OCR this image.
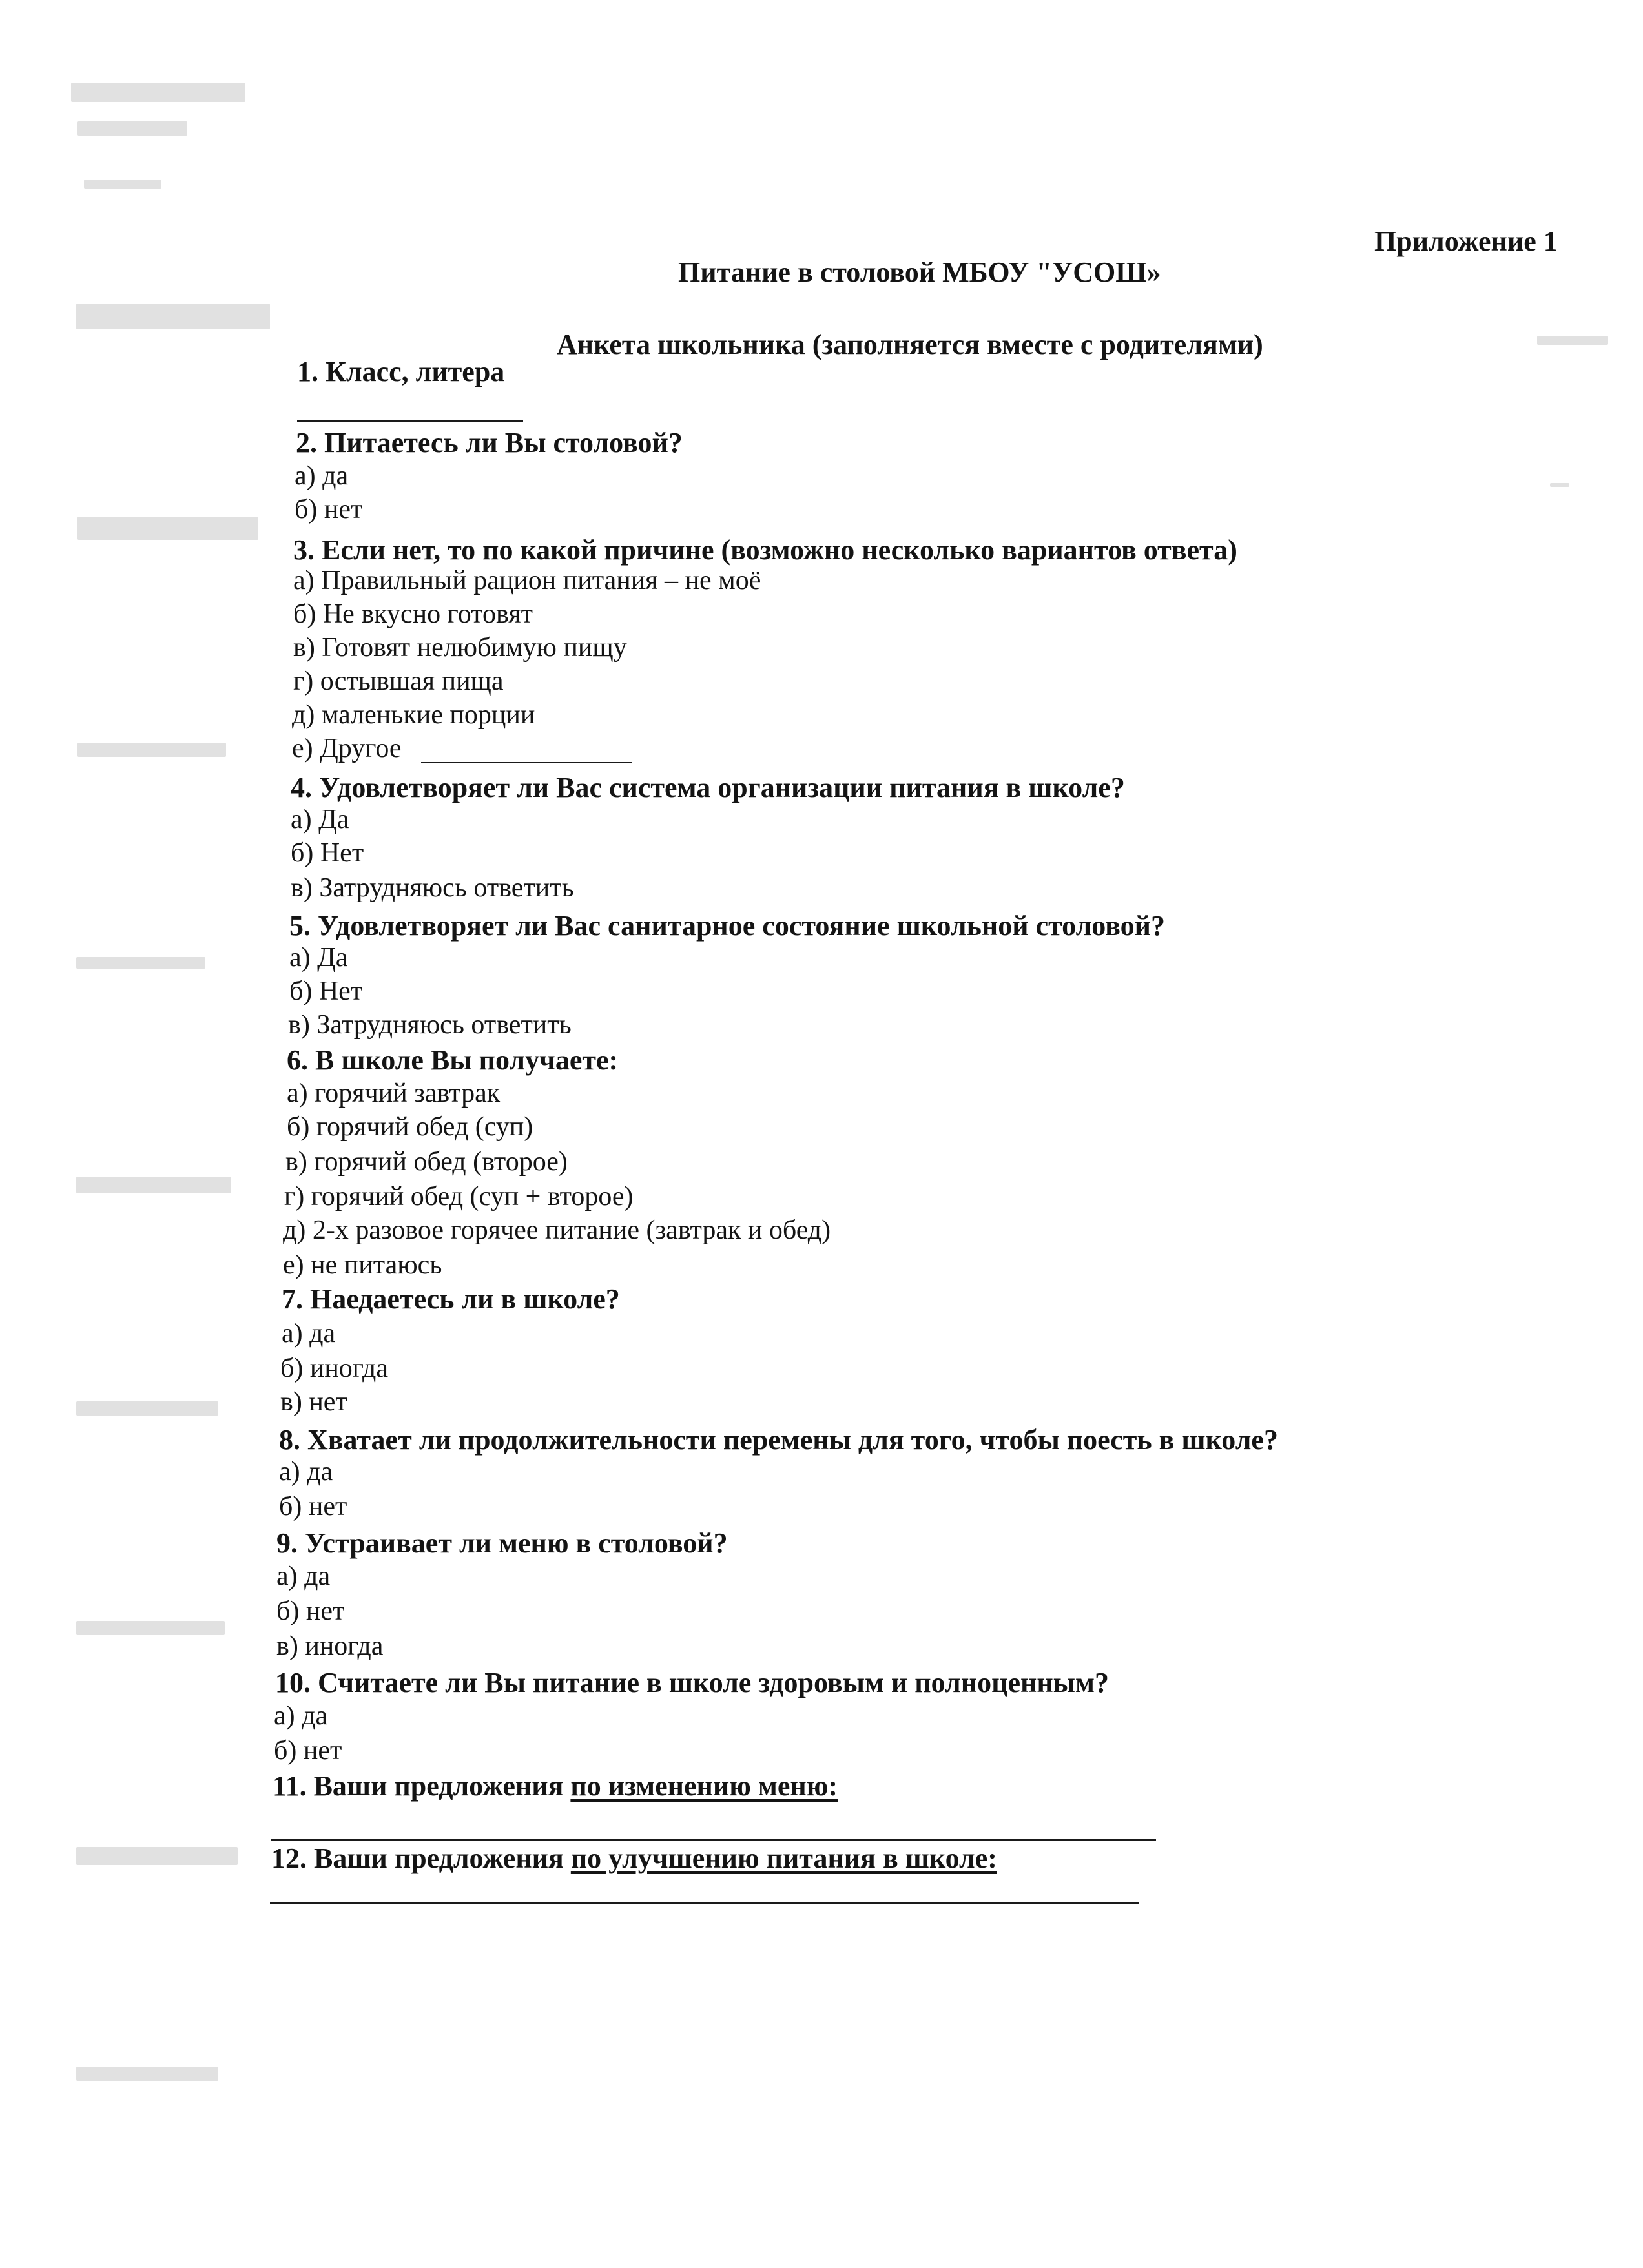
Приложение 1
Питание в столовой МБОУ "УСОШ»
Анкета школьника (заполняется вместе с родителями)
1. Класс, литера
2. Питаетесь ли Вы столовой?
а) да
б) нет
3. Если нет, то по какой причине (возможно несколько вариантов ответа)
а) Правильный рацион питания – не моё
б) Не вкусно готовят
в) Готовят нелюбимую пищу
г) остывшая пища
д) маленькие порции
е) Другое
4. Удовлетворяет ли Вас система организации питания в школе?
а) Да
б) Нет
в) Затрудняюсь ответить
5. Удовлетворяет ли Вас санитарное состояние школьной столовой?
а) Да
б) Нет
в) Затрудняюсь ответить
6. В школе Вы получаете:
а) горячий завтрак
б) горячий обед (суп)
в) горячий обед (второе)
г) горячий обед (суп + второе)
д) 2-х разовое горячее питание (завтрак и обед)
е) не питаюсь
7. Наедаетесь ли в школе?
а) да
б) иногда
в) нет
8. Хватает ли продолжительности перемены для того, чтобы поесть в школе?
а) да
б) нет
9. Устраивает ли меню в столовой?
а) да
б) нет
в) иногда
10. Считаете ли Вы питание в школе здоровым и полноценным?
а) да
б) нет
11. Ваши предложения по изменению меню:
12. Ваши предложения по улучшению питания в школе:
